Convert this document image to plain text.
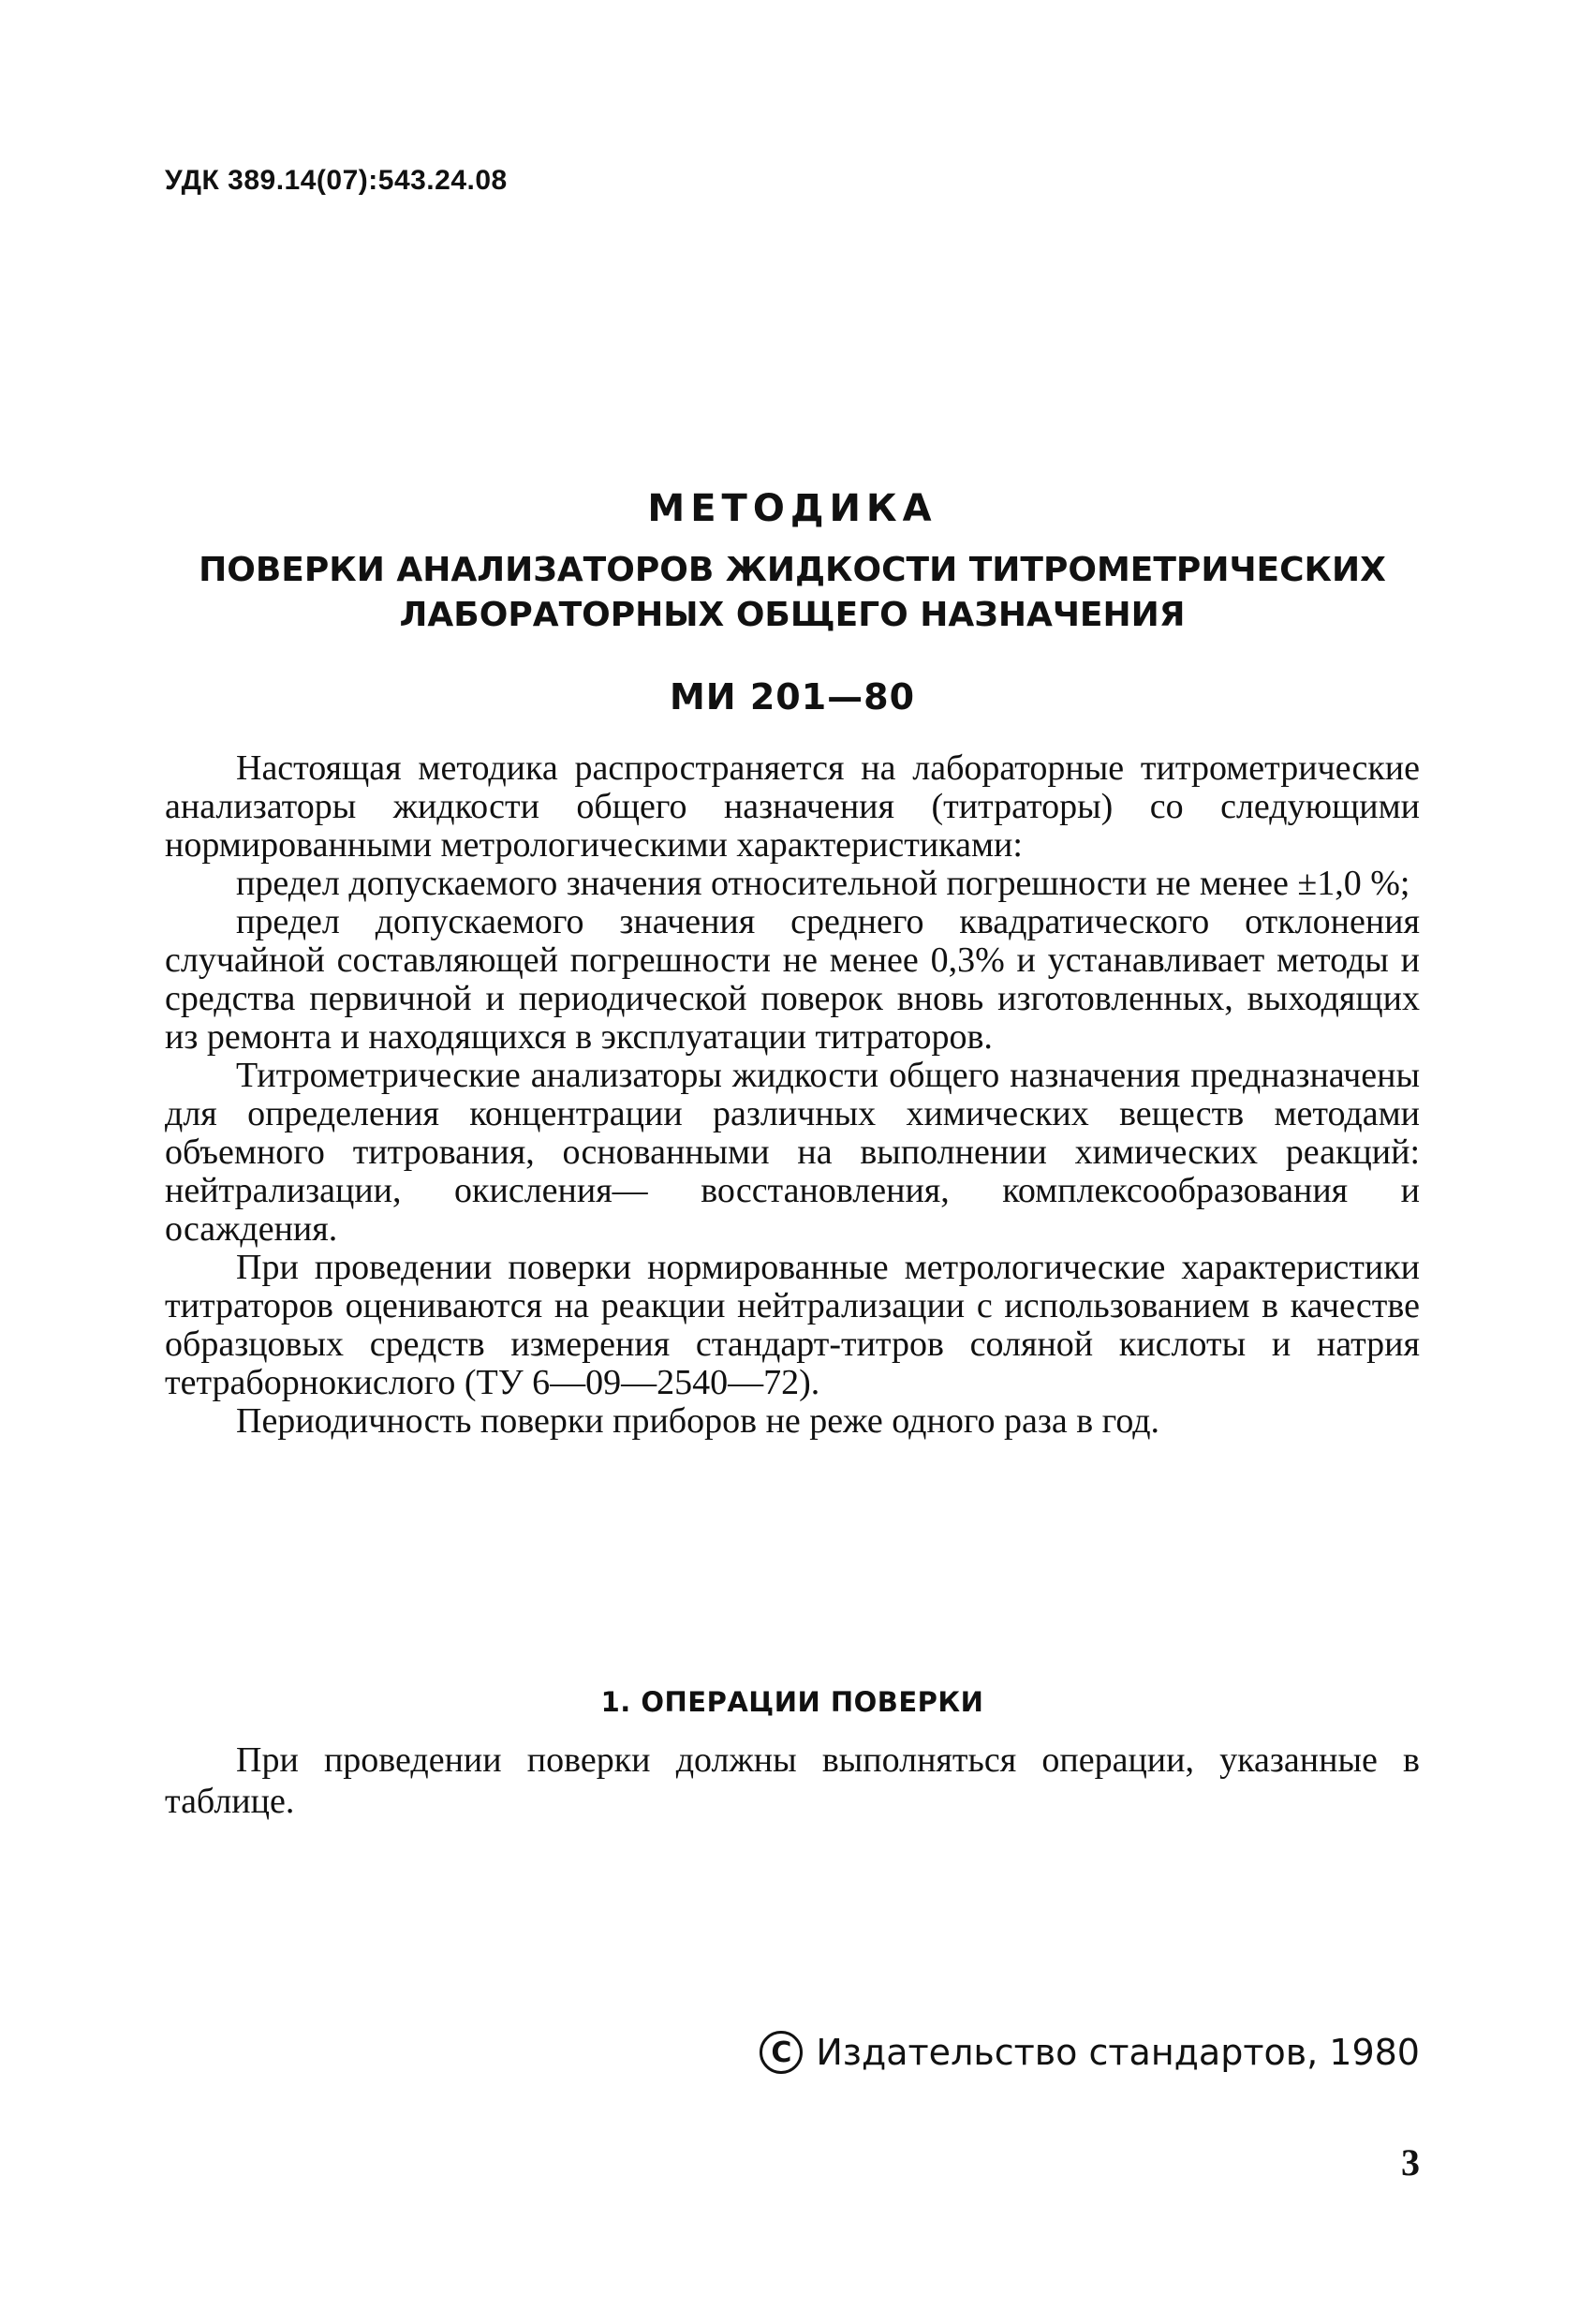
УДК 389.14(07):543.24.08
МЕТОДИКА
ПОВЕРКИ АНАЛИЗАТОРОВ ЖИДКОСТИ ТИТРОМЕТРИЧЕСКИХ
ЛАБОРАТОРНЫХ ОБЩЕГО НАЗНАЧЕНИЯ
МИ 201—80

Настоящая методика распространяется на лабораторные титрометрические анализаторы жидкости общего назначения (титраторы) со следующими нормированными метрологическими характеристиками:

предел допускаемого значения относительной погрешности не менее ±1,0 %;

предел допускаемого значения среднего квадратического отклонения случайной составляющей погрешности не менее 0,3% и устанавливает методы и средства первичной и периодической поверок вновь изготовленных, выходящих из ремонта и находящихся в эксплуатации титраторов.

Титрометрические анализаторы жидкости общего назначения предназначены для определения концентрации различных химических веществ методами объемного титрования, основанными на выполнении химических реакций: нейтрализации, окисления— восстановления, комплексообразования и осаждения.

При проведении поверки нормированные метрологические характеристики титраторов оцениваются на реакции нейтрализации с использованием в качестве образцовых средств измерения стандарт-титров соляной кислоты и натрия тетраборнокислого (ТУ 6—09—2540—72).

Периодичность поверки приборов не реже одного раза в год.

1. ОПЕРАЦИИ ПОВЕРКИ

При проведении поверки должны выполняться операции, указанные в таблице.

С Издательство стандартов, 1980
3
